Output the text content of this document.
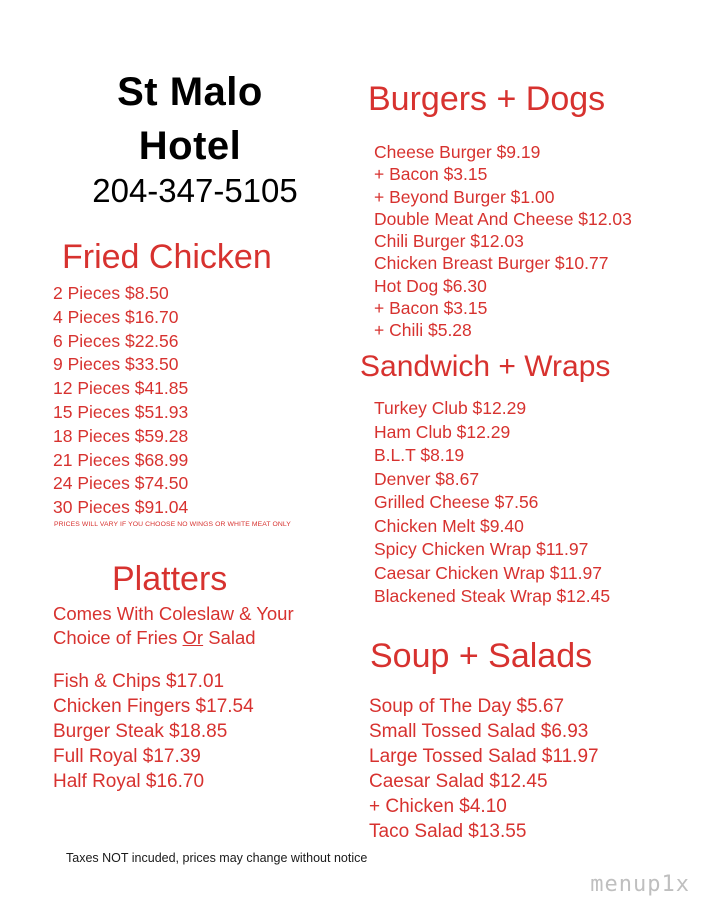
St Malo
Hotel
204-347-5105
Fried Chicken
2 Pieces $8.50
4 Pieces $16.70
6 Pieces $22.56
9 Pieces $33.50
12 Pieces $41.85
15 Pieces $51.93
18 Pieces $59.28
21 Pieces $68.99
24 Pieces $74.50
30 Pieces $91.04
PRICES WILL VARY IF YOU CHOOSE NO WINGS OR WHITE MEAT ONLY
Platters

Comes With Coleslaw & Your Choice of Fries Or Salad

Fish & Chips $17.01
Chicken Fingers $17.54
Burger Steak $18.85
Full Royal $17.39
Half Royal $16.70
Burgers + Dogs
Cheese Burger $9.19
+ Bacon $3.15
+ Beyond Burger $1.00
Double Meat And Cheese $12.03
Chili Burger $12.03
Chicken Breast Burger $10.77
Hot Dog $6.30
+ Bacon $3.15
+ Chili $5.28
Sandwich + Wraps
Turkey Club $12.29
Ham Club $12.29
B.L.T $8.19
Denver $8.67
Grilled Cheese $7.56
Chicken Melt $9.40
Spicy Chicken Wrap $11.97
Caesar Chicken Wrap $11.97
Blackened Steak Wrap $12.45
Soup + Salads
Soup of The Day $5.67
Small Tossed Salad $6.93
Large Tossed Salad $11.97
Caesar Salad $12.45
+ Chicken $4.10
Taco Salad $13.55
Taxes NOT incuded, prices may change without notice
menup1x
